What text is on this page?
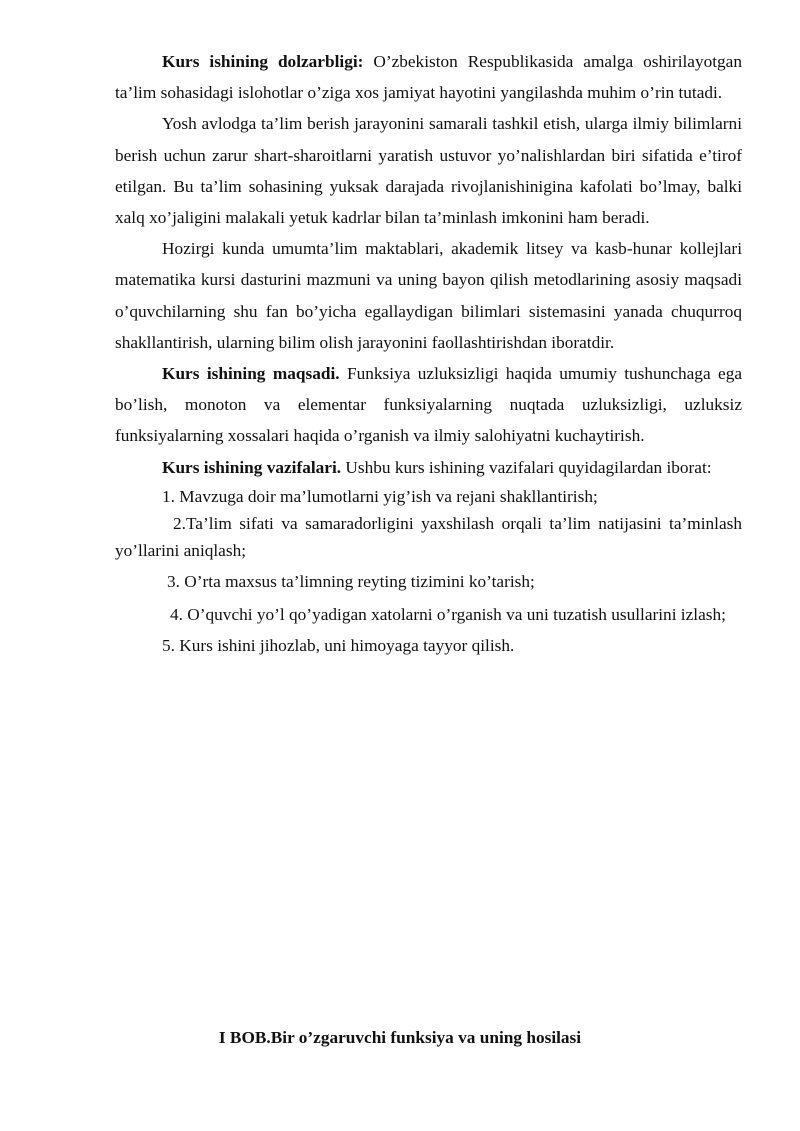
Kurs ishining dolzarbligi: O’zbekiston Respublikasida amalga oshirilayotgan ta’lim sohasidagi islohotlar o’ziga xos jamiyat hayotini yangilashda muhim o’rin tutadi.

Yosh avlodga ta’lim berish jarayonini samarali tashkil etish, ularga ilmiy bilimlarni berish uchun zarur shart-sharoitlarni yaratish ustuvor yo’nalishlardan biri sifatida e’tirof etilgan. Bu ta’lim sohasining yuksak darajada rivojlanishinigina kafolati bo’lmay, balki xalq xo’jaligini malakali yetuk kadrlar bilan ta’minlash imkonini ham beradi.

Hozirgi kunda umumta’lim maktablari, akademik litsey va kasb-hunar kollejlari matematika kursi dasturini mazmuni va uning bayon qilish metodlarining asosiy maqsadi o’quvchilarning shu fan bo’yicha egallaydigan bilimlari sistemasini yanada chuqurroq shakllantirish, ularning bilim olish jarayonini faollashtirishdan iboratdir.

Kurs ishining maqsadi. Funksiya uzluksizligi haqida umumiy tushunchaga ega bo’lish, monoton va elementar funksiyalarning nuqtada uzluksizligi, uzluksiz funksiyalarning xossalari haqida o’rganish va ilmiy salohiyatni kuchaytirish.

Kurs ishining vazifalari. Ushbu kurs ishining vazifalari quyidagilardan iborat:

1. Mavzuga doir ma’lumotlarni yig’ish va rejani shakllantirish;
2.Ta’lim sifati va samaradorligini yaxshilash orqali ta’lim natijasini ta’minlash yo’llarini aniqlash;
3. O’rta maxsus ta’limning reyting tizimini ko’tarish;
4. O’quvchi yo’l qo’yadigan xatolarni o’rganish va uni tuzatish usullarini izlash;
5. Kurs ishini jihozlab, uni himoyaga tayyor qilish.
I BOB.Bir o’zgaruvchi funksiya va uning hosilasi
